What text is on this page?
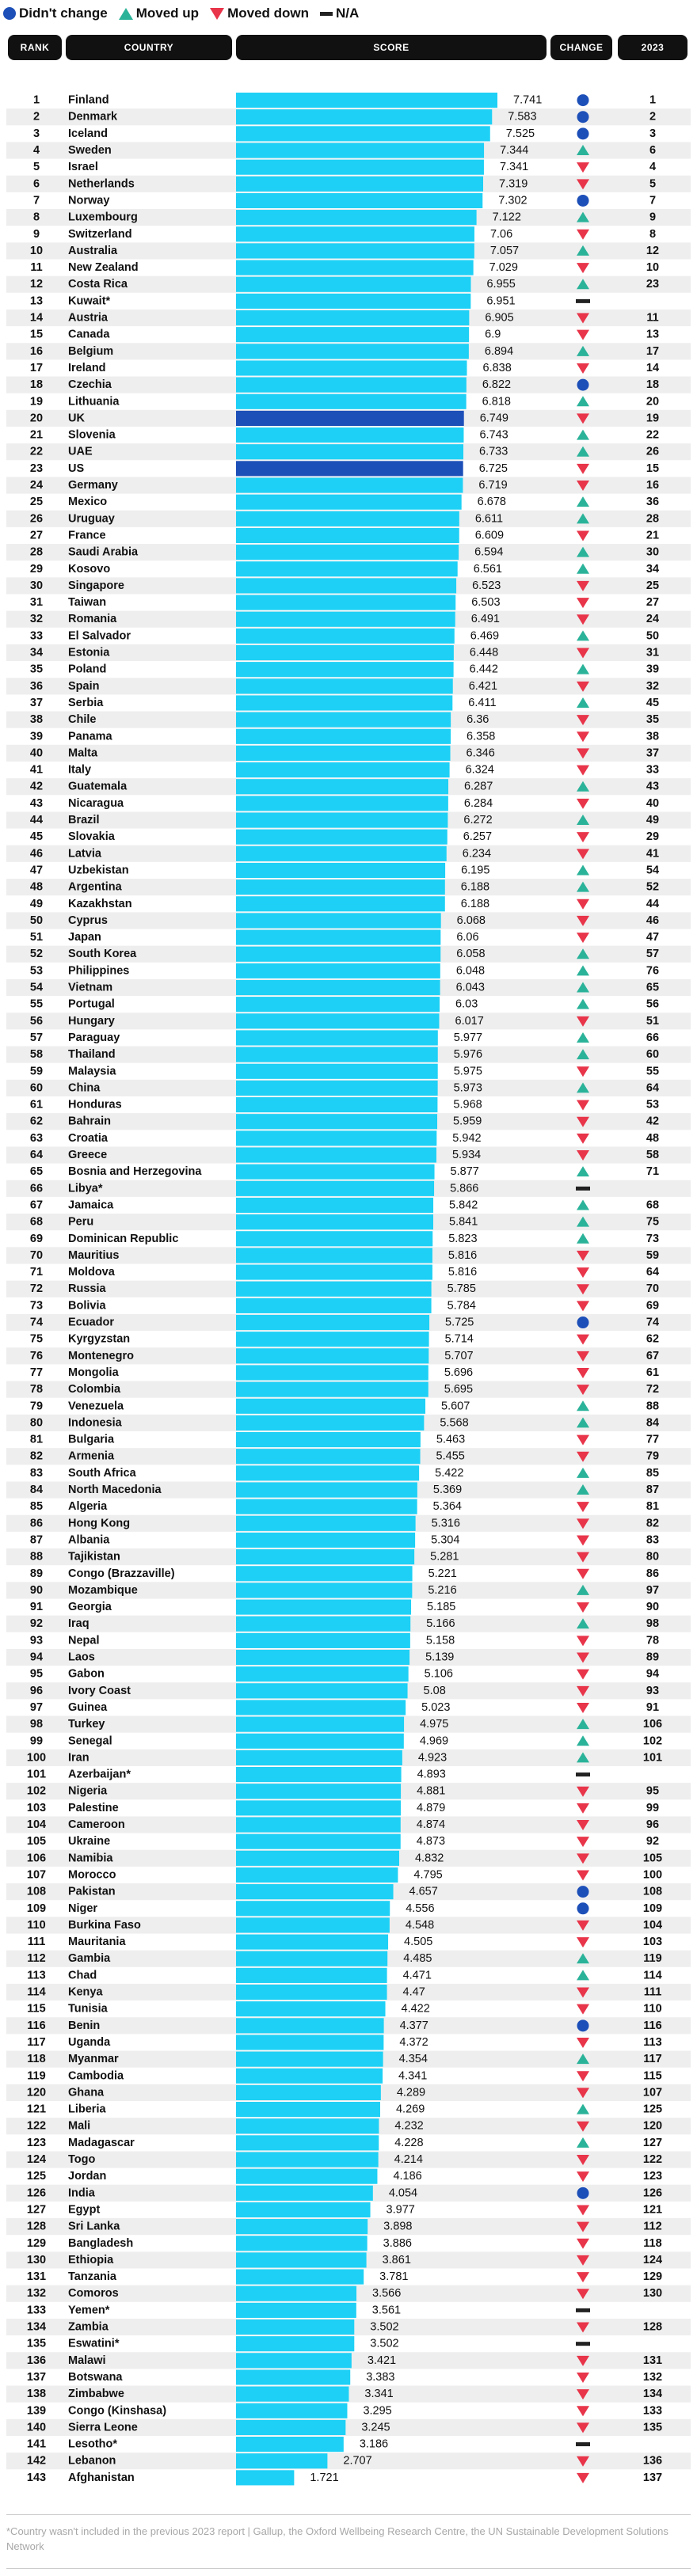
Didn't change Moved up Moved down N/A
RANK	COUNTRY	SCORE	CHANGE	2023
1 Finland	7.741	1
2 Denmark	7.583	2
3 Iceland	7.525	3
4 Sweden	7.344	6
5 Israel	7.341	4
6 Netherlands	7.319	5
7 Norway	7.302	7
8 Luxembourg	7.122	9
9 Switzerland	7.06	8
10 Australia	7.057	12
11 New Zealand	7.029	10
12 Costa Rica	6.955	23
13 Kuwait*	6.951
14 Austria	6.905	11
15 Canada	6.9	13
16 Belgium	6.894	17
17 Ireland	6.838	14
18 Czechia	6.822	18
19 Lithuania	6.818	20
20 UK	6.749	19
21 Slovenia	6.743	22
22 UAE	6.733	26
23 US	6.725	15
24 Germany	6.719	16
25 Mexico	6.678	36
26 Uruguay	6.611	28
27 France	6.609	21
28 Saudi Arabia	6.594	30
29 Kosovo	6.561	34
30 Singapore	6.523	25
31 Taiwan	6.503	27
32 Romania	6.491	24
33 El Salvador	6.469	50
34 Estonia	6.448	31
35 Poland	6.442	39
36 Spain	6.421	32
37 Serbia	6.411	45
38 Chile	6.36	35
39 Panama	6.358	38
40 Malta	6.346	37
41 Italy	6.324	33
42 Guatemala	6.287	43
43 Nicaragua	6.284	40
44 Brazil	6.272	49
45 Slovakia	6.257	29
46 Latvia	6.234	41
47 Uzbekistan	6.195	54
48 Argentina	6.188	52
49 Kazakhstan	6.188	44
50 Cyprus	6.068	46
51 Japan	6.06	47
52 South Korea	6.058	57
53 Philippines	6.048	76
54 Vietnam	6.043	65
55 Portugal	6.03	56
56 Hungary	6.017	51
57 Paraguay	5.977	66
58 Thailand	5.976	60
59 Malaysia	5.975	55
60 China	5.973	64
61 Honduras	5.968	53
62 Bahrain	5.959	42
63 Croatia	5.942	48
64 Greece	5.934	58
65 Bosnia and Herzegovina	5.877	71
66 Libya*	5.866
67 Jamaica	5.842	68
68 Peru	5.841	75
69 Dominican Republic	5.823	73
70 Mauritius	5.816	59
71 Moldova	5.816	64
72 Russia	5.785	70
73 Bolivia	5.784	69
74 Ecuador	5.725	74
75 Kyrgyzstan	5.714	62
76 Montenegro	5.707	67
77 Mongolia	5.696	61
78 Colombia	5.695	72
79 Venezuela	5.607	88
80 Indonesia	5.568	84
81 Bulgaria	5.463	77
82 Armenia	5.455	79
83 South Africa	5.422	85
84 North Macedonia	5.369	87
85 Algeria	5.364	81
86 Hong Kong	5.316	82
87 Albania	5.304	83
88 Tajikistan	5.281	80
89 Congo (Brazzaville)	5.221	86
90 Mozambique	5.216	97
91 Georgia	5.185	90
92 Iraq	5.166	98
93 Nepal	5.158	78
94 Laos	5.139	89
95 Gabon	5.106	94
96 Ivory Coast	5.08	93
97 Guinea	5.023	91
98 Turkey	4.975	106
99 Senegal	4.969	102
100 Iran	4.923	101
101 Azerbaijan*	4.893
102 Nigeria	4.881	95
103 Palestine	4.879	99
104 Cameroon	4.874	96
105 Ukraine	4.873	92
106 Namibia	4.832	105
107 Morocco	4.795	100
108 Pakistan	4.657	108
109 Niger	4.556	109
110 Burkina Faso	4.548	104
111 Mauritania	4.505	103
112 Gambia	4.485	119
113 Chad	4.471	114
114 Kenya	4.47	111
115 Tunisia	4.422	110
116 Benin	4.377	116
117 Uganda	4.372	113
118 Myanmar	4.354	117
119 Cambodia	4.341	115
120 Ghana	4.289	107
121 Liberia	4.269	125
122 Mali	4.232	120
123 Madagascar	4.228	127
124 Togo	4.214	122
125 Jordan	4.186	123
126 India	4.054	126
127 Egypt	3.977	121
128 Sri Lanka	3.898	112
129 Bangladesh	3.886	118
130 Ethiopia	3.861	124
131 Tanzania	3.781	129
132 Comoros	3.566	130
133 Yemen*	3.561
134 Zambia	3.502	128
135 Eswatini*	3.502
136 Malawi	3.421	131
137 Botswana	3.383	132
138 Zimbabwe	3.341	134
139 Congo (Kinshasa)	3.295	133
140 Sierra Leone	3.245	135
141 Lesotho*	3.186
142 Lebanon	2.707	136
143 Afghanistan	1.721	137
*Country wasn't included in the previous 2023 report | Gallup, the Oxford Wellbeing Research Centre, the UN Sustainable Development Solutions Network
